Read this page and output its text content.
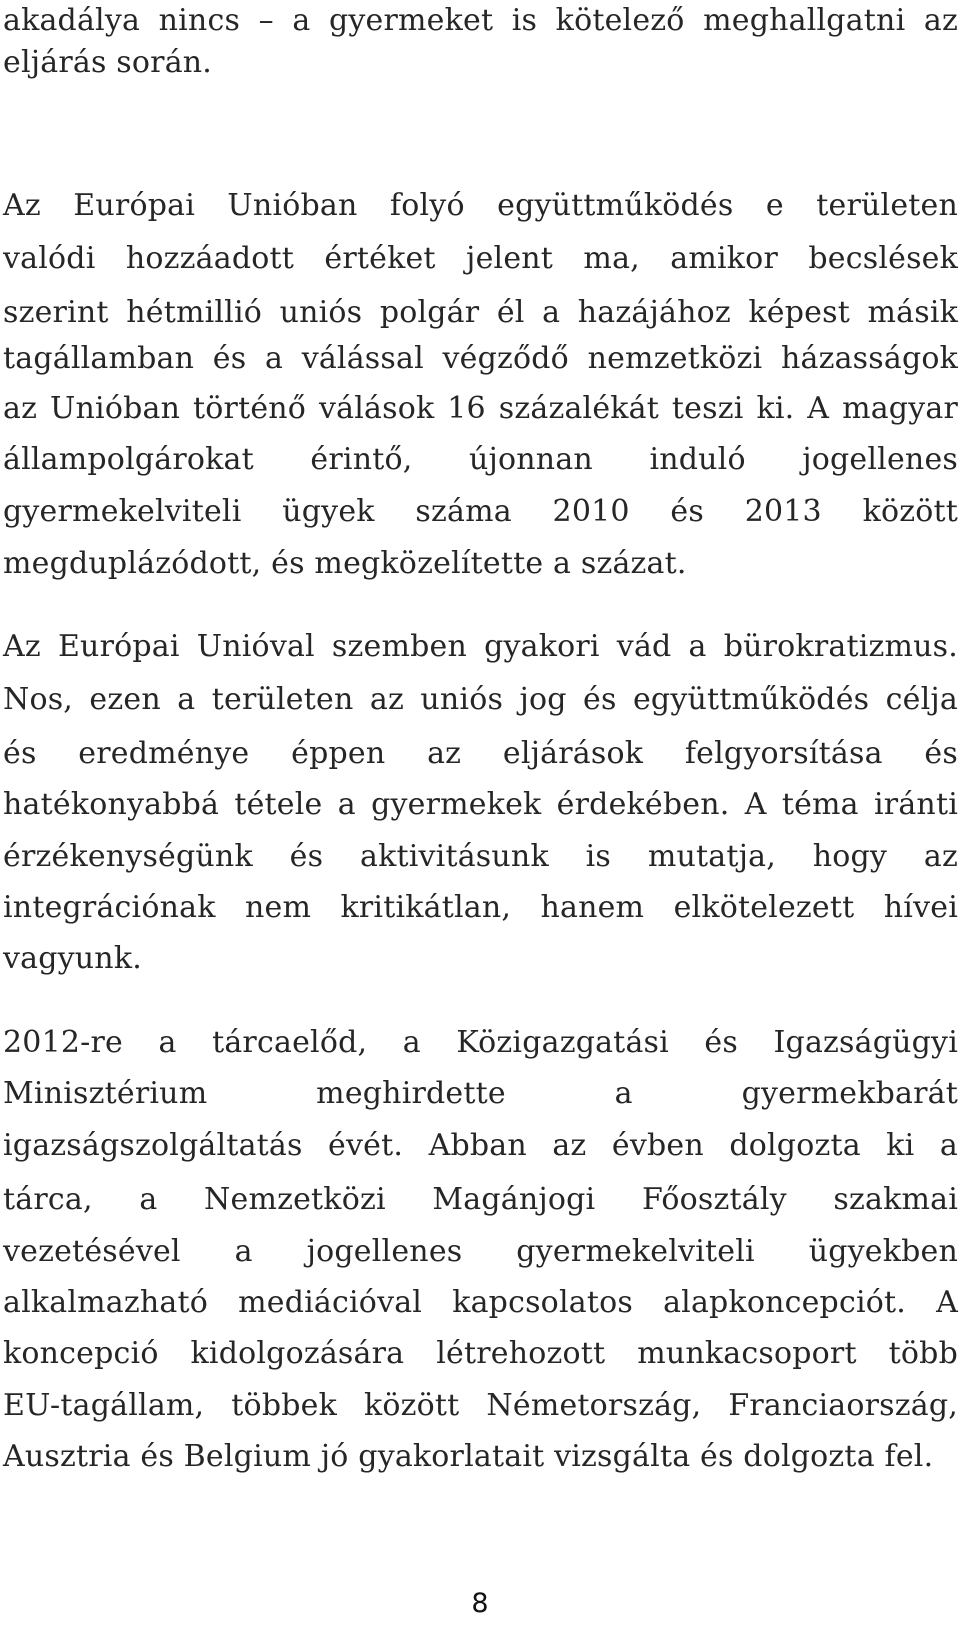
akadálya nincs – a gyermeket is kötelező meghallgatni az
eljárás során.
Az Európai Unióban folyó együttműködés e területen
valódi hozzáadott értéket jelent ma, amikor becslések
szerint hétmillió uniós polgár él a hazájához képest másik
tagállamban és a válással végződő nemzetközi házasságok
az Unióban történő válások 16 százalékát teszi ki. A magyar
állampolgárokat érintő, újonnan induló jogellenes
gyermekelviteli ügyek száma 2010 és 2013 között
megduplázódott, és megközelítette a százat.
Az Európai Unióval szemben gyakori vád a bürokratizmus.
Nos, ezen a területen az uniós jog és együttműködés célja
és eredménye éppen az eljárások felgyorsítása és
hatékonyabbá tétele a gyermekek érdekében. A téma iránti
érzékenységünk és aktivitásunk is mutatja, hogy az
integrációnak nem kritikátlan, hanem elkötelezett hívei
vagyunk.
2012-re a tárcaelőd, a Közigazgatási és Igazságügyi
Minisztérium meghirdette a gyermekbarát
igazságszolgáltatás évét. Abban az évben dolgozta ki a
tárca, a Nemzetközi Magánjogi Főosztály szakmai
vezetésével a jogellenes gyermekelviteli ügyekben
alkalmazható mediációval kapcsolatos alapkoncepciót. A
koncepció kidolgozására létrehozott munkacsoport több
EU-tagállam, többek között Németország, Franciaország,
Ausztria és Belgium jó gyakorlatait vizsgálta és dolgozta fel.
8
